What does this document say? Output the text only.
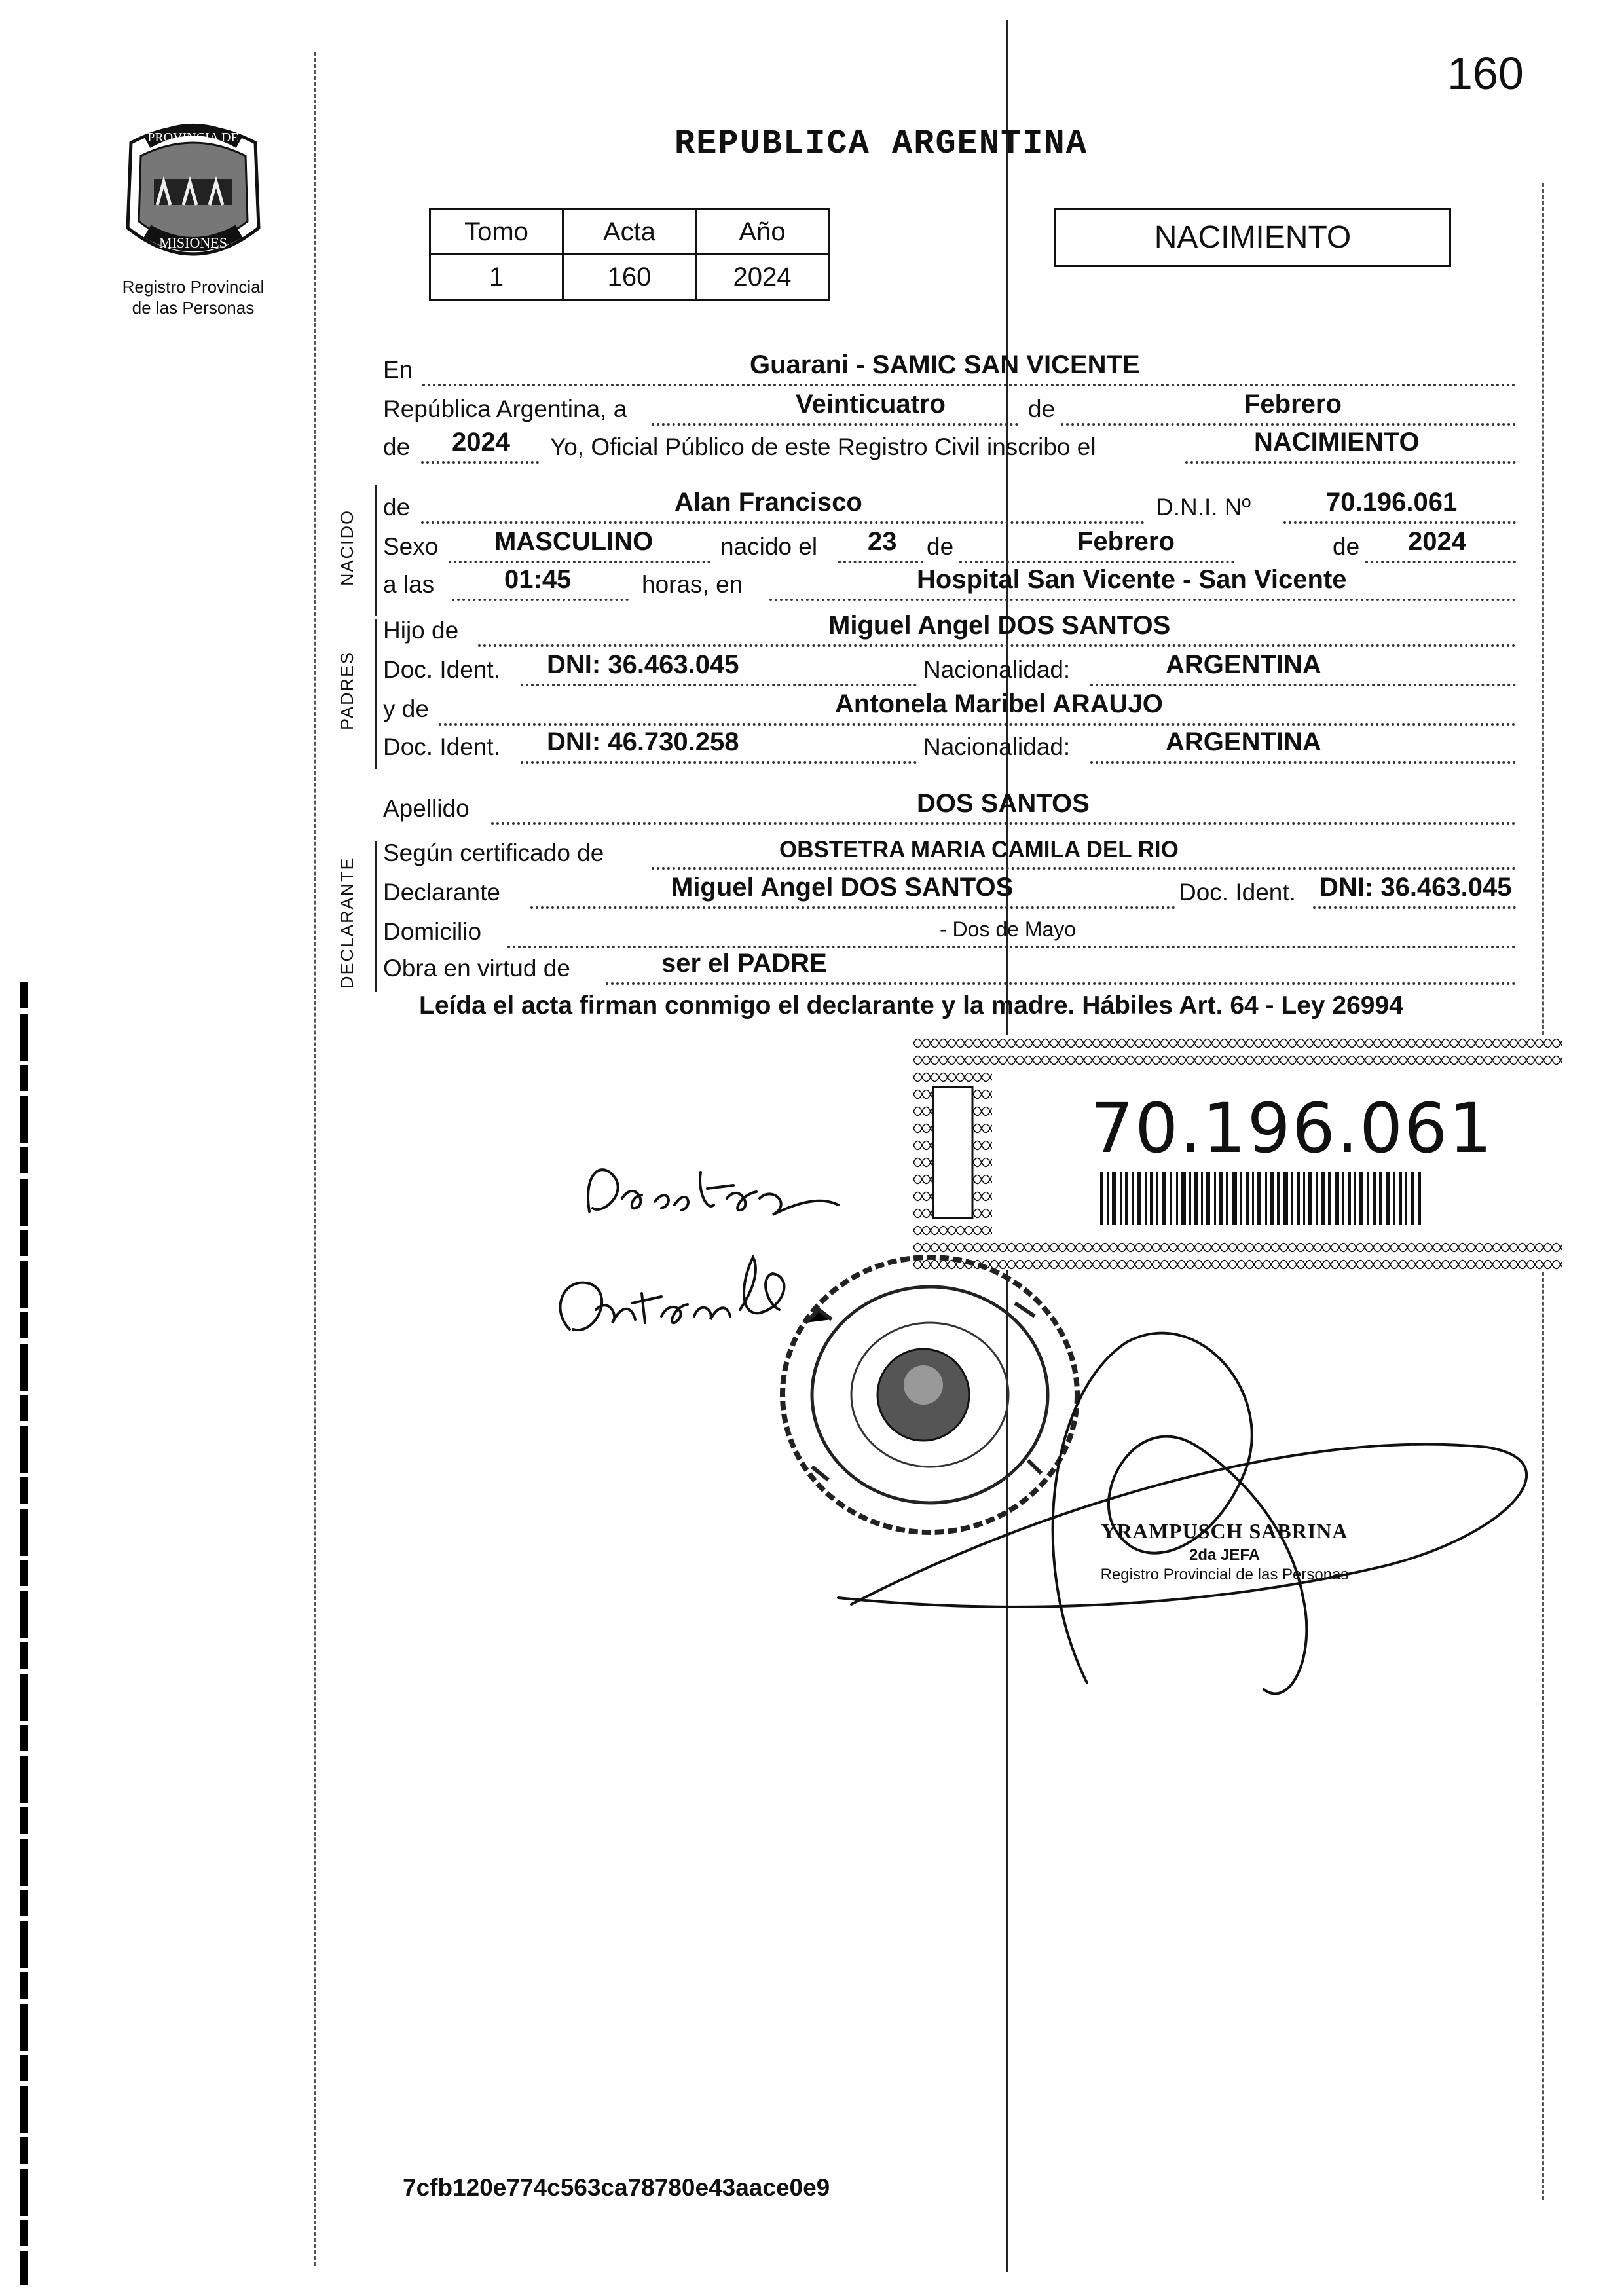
160
PROVINCIA DE
MISIONES
Registro Provincial
de las Personas
REPUBLICA ARGENTINA
Tomo	Acta	Año
1	160	2024
NACIMIENTO
En	Guarani - SAMIC SAN VICENTE
República Argentina, a	Veinticuatro	de	Febrero
de 2024 Yo, Oficial Público de este Registro Civil inscribo el	NACIMIENTO
NACIDO
de	Alan Francisco	D.N.I. Nº	70.196.061
Sexo MASCULINO	nacido el 23 de	Febrero	de 2024
a las	01:45	horas, en	Hospital San Vicente - San Vicente
PADRES
Hijo de	Miguel Angel DOS SANTOS
Doc. Ident. DNI: 36.463.045	Nacionalidad:	ARGENTINA
y de	Antonela Maribel ARAUJO
Doc. Ident. DNI: 46.730.258	Nacionalidad:	ARGENTINA
Apellido	DOS SANTOS
DECLARANTE
Según certificado de	OBSTETRA MARIA CAMILA DEL RIO
Declarante	Miguel Angel DOS SANTOS	Doc. Ident. DNI: 36.463.045
Domicilio	- Dos de Mayo
Obra en virtud de	ser el PADRE
Leída el acta firman conmigo el declarante y la madre. Hábiles Art. 64 - Ley 26994
70.196.061
YRAMPUSCH SABRINA
2da JEFA
Registro Provincial de las Personas
7cfb120e774c563ca78780e43aace0e9
